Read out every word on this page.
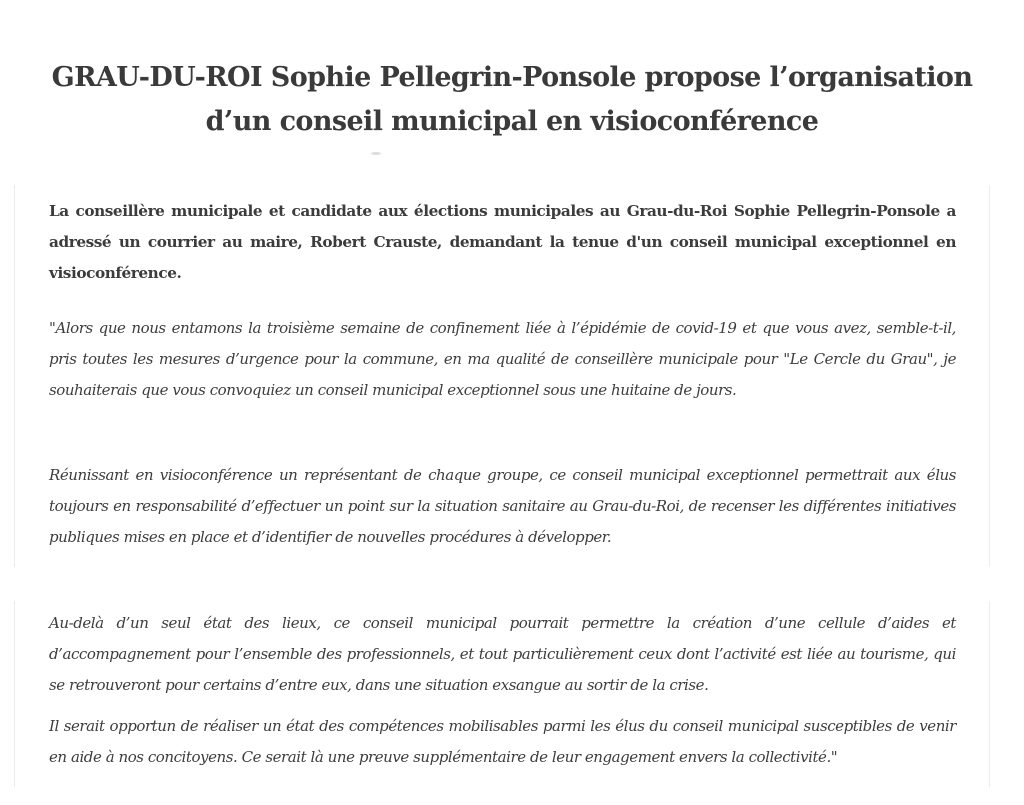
GRAU-DU-ROI Sophie Pellegrin-Ponsole propose l’organisation d’un conseil municipal en visioconférence

La conseillère municipale et candidate aux élections municipales au Grau-du-Roi Sophie Pellegrin-Ponsole a adressé un courrier au maire, Robert Crauste, demandant la tenue d'un conseil municipal exceptionnel en visioconférence.

"Alors que nous entamons la troisième semaine de confinement liée à l’épidémie de covid-19 et que vous avez, semble-t-il, pris toutes les mesures d’urgence pour la commune, en ma qualité de conseillère municipale pour "Le Cercle du Grau", je souhaiterais que vous convoquiez un conseil municipal exceptionnel sous une huitaine de jours.

Réunissant en visioconférence un représentant de chaque groupe, ce conseil municipal exceptionnel permettrait aux élus toujours en responsabilité d’effectuer un point sur la situation sanitaire au Grau-du-Roi, de recenser les différentes initiatives publiques mises en place et d’identifier de nouvelles procédures à développer.

Au-delà d’un seul état des lieux, ce conseil municipal pourrait permettre la création d’une cellule d’aides et d’accompagnement pour l’ensemble des professionnels, et tout particulièrement ceux dont l’activité est liée au tourisme, qui se retrouveront pour certains d’entre eux, dans une situation exsangue au sortir de la crise.

Il serait opportun de réaliser un état des compétences mobilisables parmi les élus du conseil municipal susceptibles de venir en aide à nos concitoyens. Ce serait là une preuve supplémentaire de leur engagement envers la collectivité."
